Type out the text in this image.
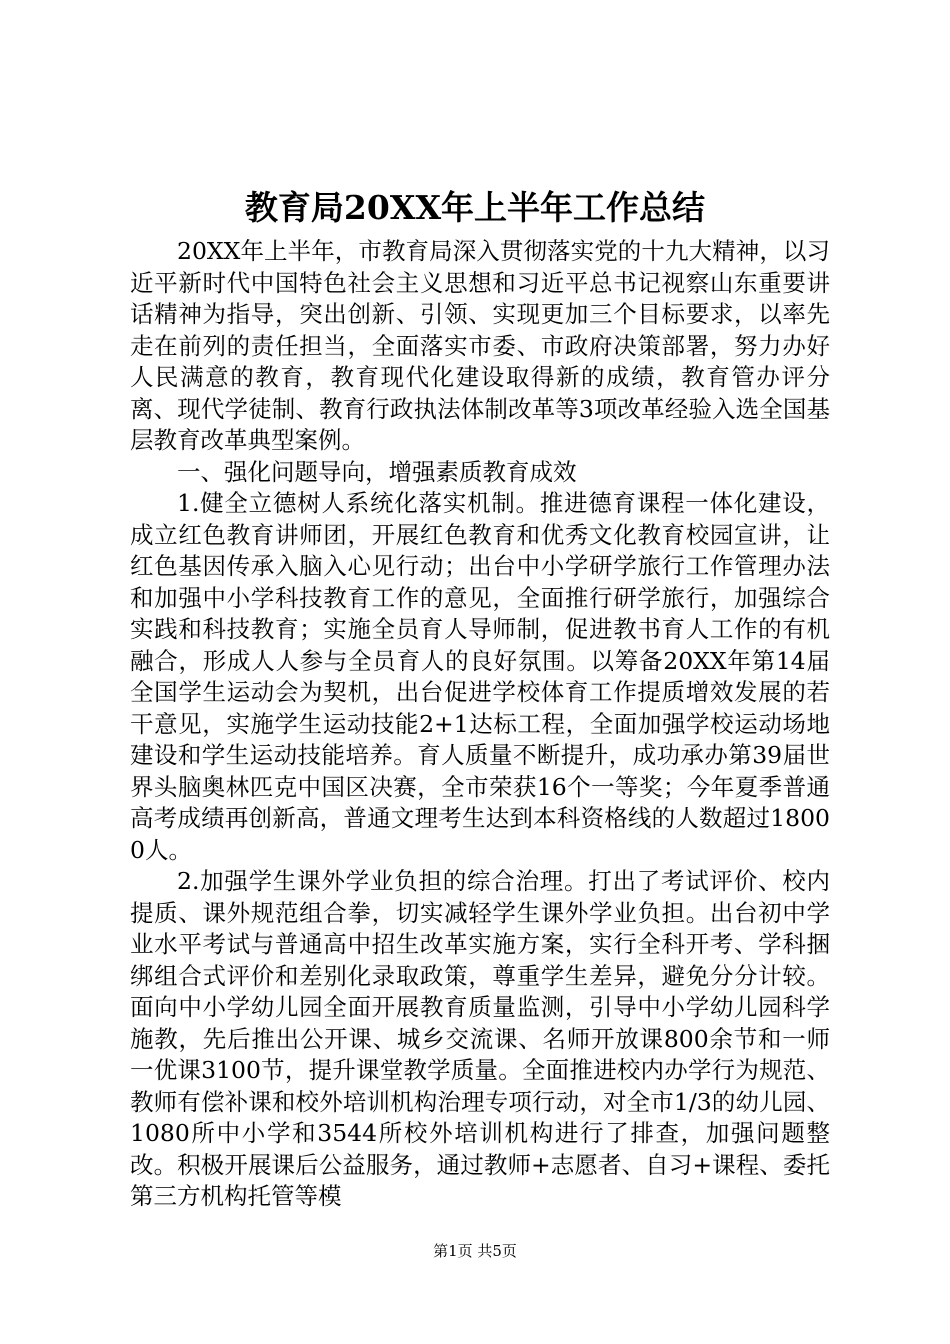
教育局20XX年上半年工作总结

20XX年上半年，市教育局深入贯彻落实党的十九大精神，以习近平新时代中国特色社会主义思想和习近平总书记视察山东重要讲话精神为指导，突出创新、引领、实现更加三个目标要求，以率先走在前列的责任担当，全面落实市委、市政府决策部署，努力办好人民满意的教育，教育现代化建设取得新的成绩，教育管办评分离、现代学徒制、教育行政执法体制改革等3项改革经验入选全国基层教育改革典型案例。

一、强化问题导向，增强素质教育成效

1.健全立德树人系统化落实机制。推进德育课程一体化建设，成立红色教育讲师团，开展红色教育和优秀文化教育校园宣讲，让红色基因传承入脑入心见行动；出台中小学研学旅行工作管理办法和加强中小学科技教育工作的意见，全面推行研学旅行，加强综合实践和科技教育；实施全员育人导师制，促进教书育人工作的有机融合，形成人人参与全员育人的良好氛围。以筹备20XX年第14届全国学生运动会为契机，出台促进学校体育工作提质增效发展的若干意见，实施学生运动技能2+1达标工程，全面加强学校运动场地建设和学生运动技能培养。育人质量不断提升，成功承办第39届世界头脑奥林匹克中国区决赛，全市荣获16个一等奖；今年夏季普通高考成绩再创新高，普通文理考生达到本科资格线的人数超过18000人。

2.加强学生课外学业负担的综合治理。打出了考试评价、校内提质、课外规范组合拳，切实减轻学生课外学业负担。出台初中学业水平考试与普通高中招生改革实施方案，实行全科开考、学科捆绑组合式评价和差别化录取政策，尊重学生差异，避免分分计较。面向中小学幼儿园全面开展教育质量监测，引导中小学幼儿园科学施教，先后推出公开课、城乡交流课、名师开放课800余节和一师一优课3100节，提升课堂教学质量。全面推进校内办学行为规范、教师有偿补课和校外培训机构治理专项行动，对全市1/3的幼儿园、1080所中小学和3544所校外培训机构进行了排查，加强问题整改。积极开展课后公益服务，通过教师+志愿者、自习+课程、委托第三方机构托管等模

第1页 共5页
